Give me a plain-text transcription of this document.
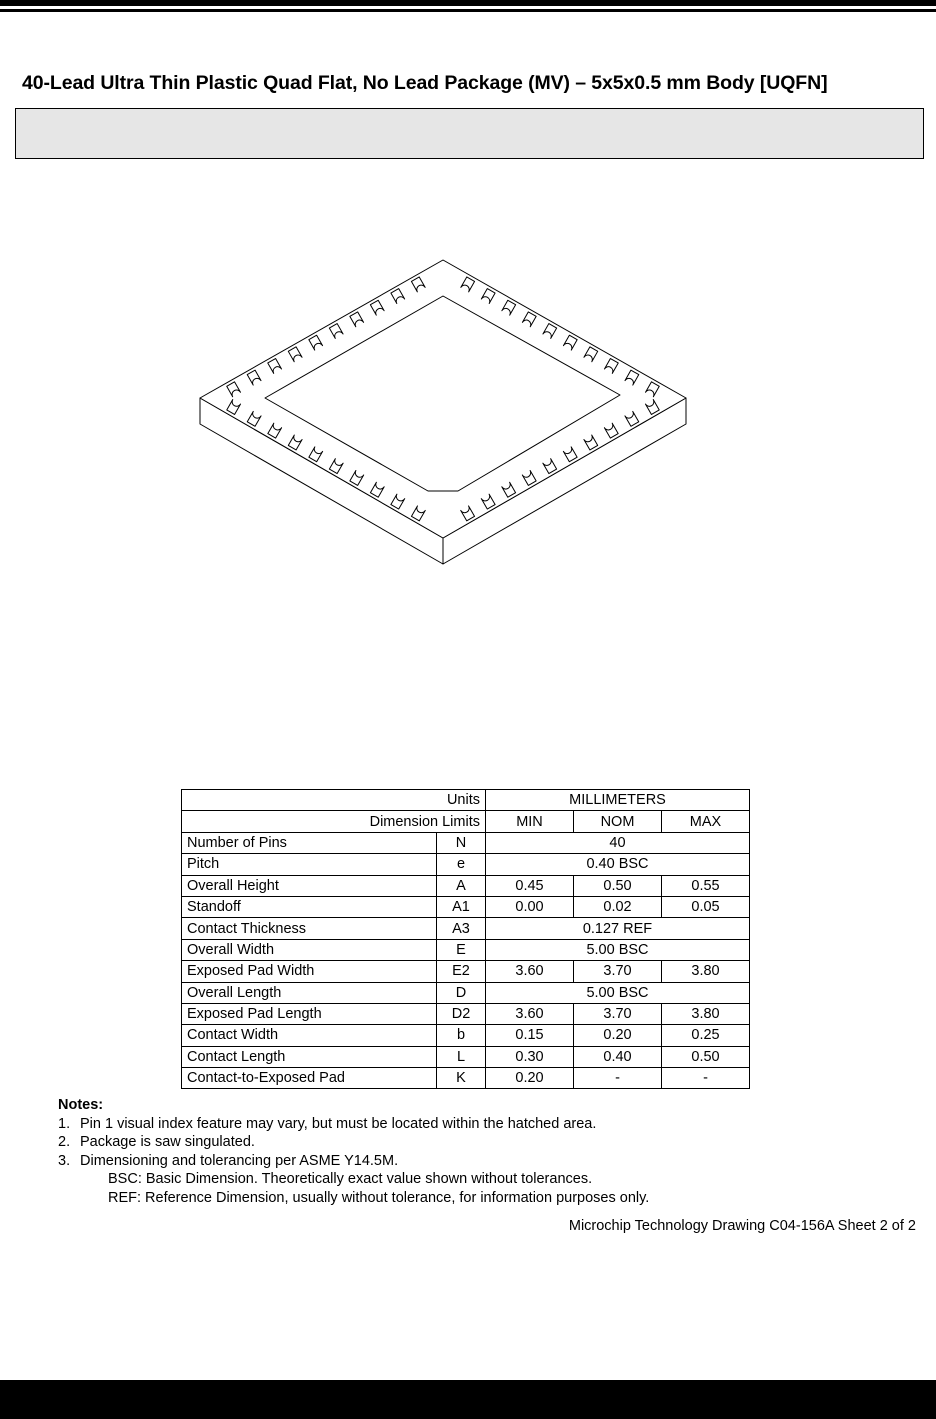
40-Lead Ultra Thin Plastic Quad Flat, No Lead Package (MV) – 5x5x0.5 mm Body [UQFN]
Units		MILLIMETERS		
Dimension Limits		MIN	NOM	MAX
Number of Pins	N	40		
Pitch	e	0.40 BSC		
Overall Height	A	0.45	0.50	0.55
Standoff	A1	0.00	0.02	0.05
Contact Thickness	A3	0.127 REF		
Overall Width	E	5.00 BSC		
Exposed Pad Width	E2	3.60	3.70	3.80
Overall Length	D	5.00 BSC		
Exposed Pad Length	D2	3.60	3.70	3.80
Contact Width	b	0.15	0.20	0.25
Contact Length	L	0.30	0.40	0.50
Contact-to-Exposed Pad	K	0.20	-	-
Notes:
1. Pin 1 visual index feature may vary, but must be located within the hatched area.
2. Package is saw singulated.
3. Dimensioning and tolerancing per ASME Y14.5M.
BSC: Basic Dimension. Theoretically exact value shown without tolerances.
REF: Reference Dimension, usually without tolerance, for information purposes only.
Microchip Technology Drawing C04-156A Sheet 2 of 2
